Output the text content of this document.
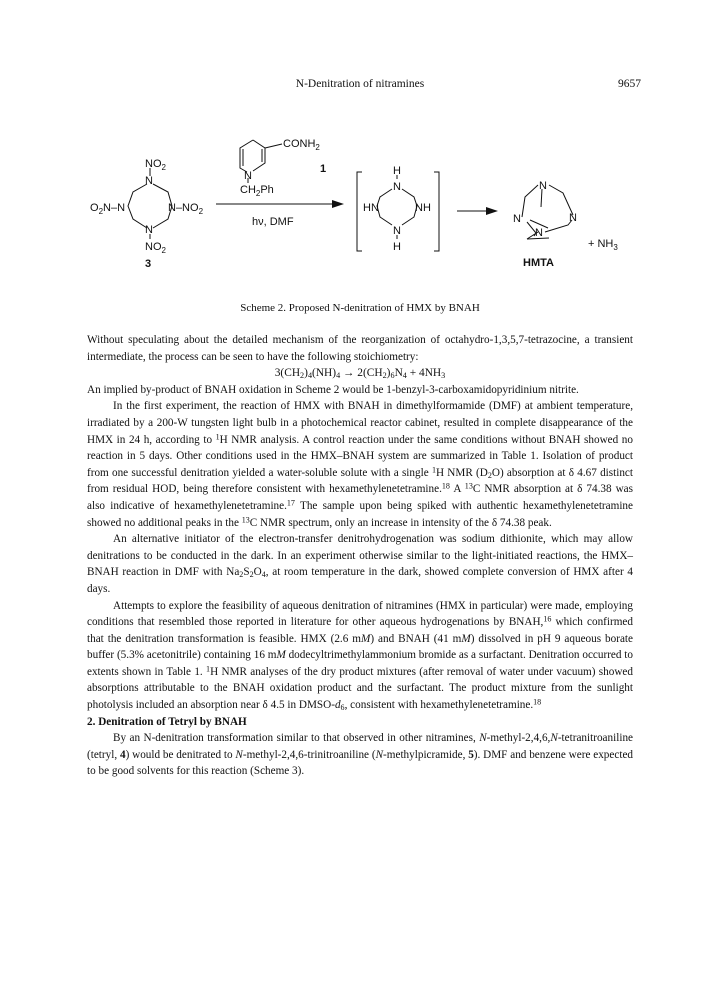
N-Denitration of nitramines	9657
$CONH_2$
N
$CH_2Ph$
1
hν, DMF
$NO_2$
N
$O_2N-N$	$N-NO_2$
N
$NO_2$
3
H
N
HN	NH
N
H
N
N	N
N
+ $NH_3$
HMTA
Scheme 2. Proposed N-denitration of HMX by BNAH

Without speculating about the detailed mechanism of the reorganization of octahydro-1,3,5,7-tetrazocine, a transient intermediate, the process can be seen to have the following stoichiometry:

$3(CH_2)_4(NH)_4 \to 2(CH_2)_6N_4 + 4NH_3$

An implied by-product of BNAH oxidation in Scheme 2 would be 1-benzyl-3-carboxamidopyridinium nitrite.

In the first experiment, the reaction of HMX with BNAH in dimethylformamide (DMF) at ambient temperature, irradiated by a 200-W tungsten light bulb in a photochemical reactor cabinet, resulted in complete disappearance of the HMX in 24 h, according to $^1$H NMR analysis. A control reaction under the same conditions without BNAH showed no reaction in 5 days. Other conditions used in the HMX–BNAH system are summarized in Table 1. Isolation of product from one successful denitration yielded a water-soluble solute with a single $^1$H NMR $(D_2O)$ absorption at δ 4.67 distinct from residual HOD, being therefore consistent with hexamethylenetetramine.$^{18}$ A $^{13}$C NMR absorption at δ 74.38 was also indicative of hexamethylenetetramine.$^{17}$ The sample upon being spiked with authentic hexamethylenetetramine showed no additional peaks in the $^{13}$C NMR spectrum, only an increase in intensity of the δ 74.38 peak.

An alternative initiator of the electron-transfer denitrohydrogenation was sodium dithionite, which may allow denitrations to be conducted in the dark. In an experiment otherwise similar to the light-initiated reactions, the HMX–BNAH reaction in DMF with $Na_2S_2O_4$, at room temperature in the dark, showed complete conversion of HMX after 4 days.

Attempts to explore the feasibility of aqueous denitration of nitramines (HMX in particular) were made, employing conditions that resembled those reported in literature for other aqueous hydrogenations by BNAH,$^{16}$ which confirmed that the denitration transformation is feasible. HMX (2.6 mM) and BNAH (41 mM) dissolved in pH 9 aqueous borate buffer (5.3% acetonitrile) containing 16 mM dodecyltrimethylammonium bromide as a surfactant. Denitration occurred to extents shown in Table 1. $^1$H NMR analyses of the dry product mixtures (after removal of water under vacuum) showed absorptions attributable to the BNAH oxidation product and the surfactant. The product mixture from the sunlight photolysis included an absorption near δ 4.5 in DMSO-$d_6$, consistent with hexamethylenetetramine.$^{18}$

2. Denitration of Tetryl by BNAH

By an N-denitration transformation similar to that observed in other nitramines, N-methyl-2,4,6,N-tetranitroaniline (tetryl, 4) would be denitrated to N-methyl-2,4,6-trinitroaniline (N-methylpicramide, 5). DMF and benzene were expected to be good solvents for this reaction (Scheme 3).
